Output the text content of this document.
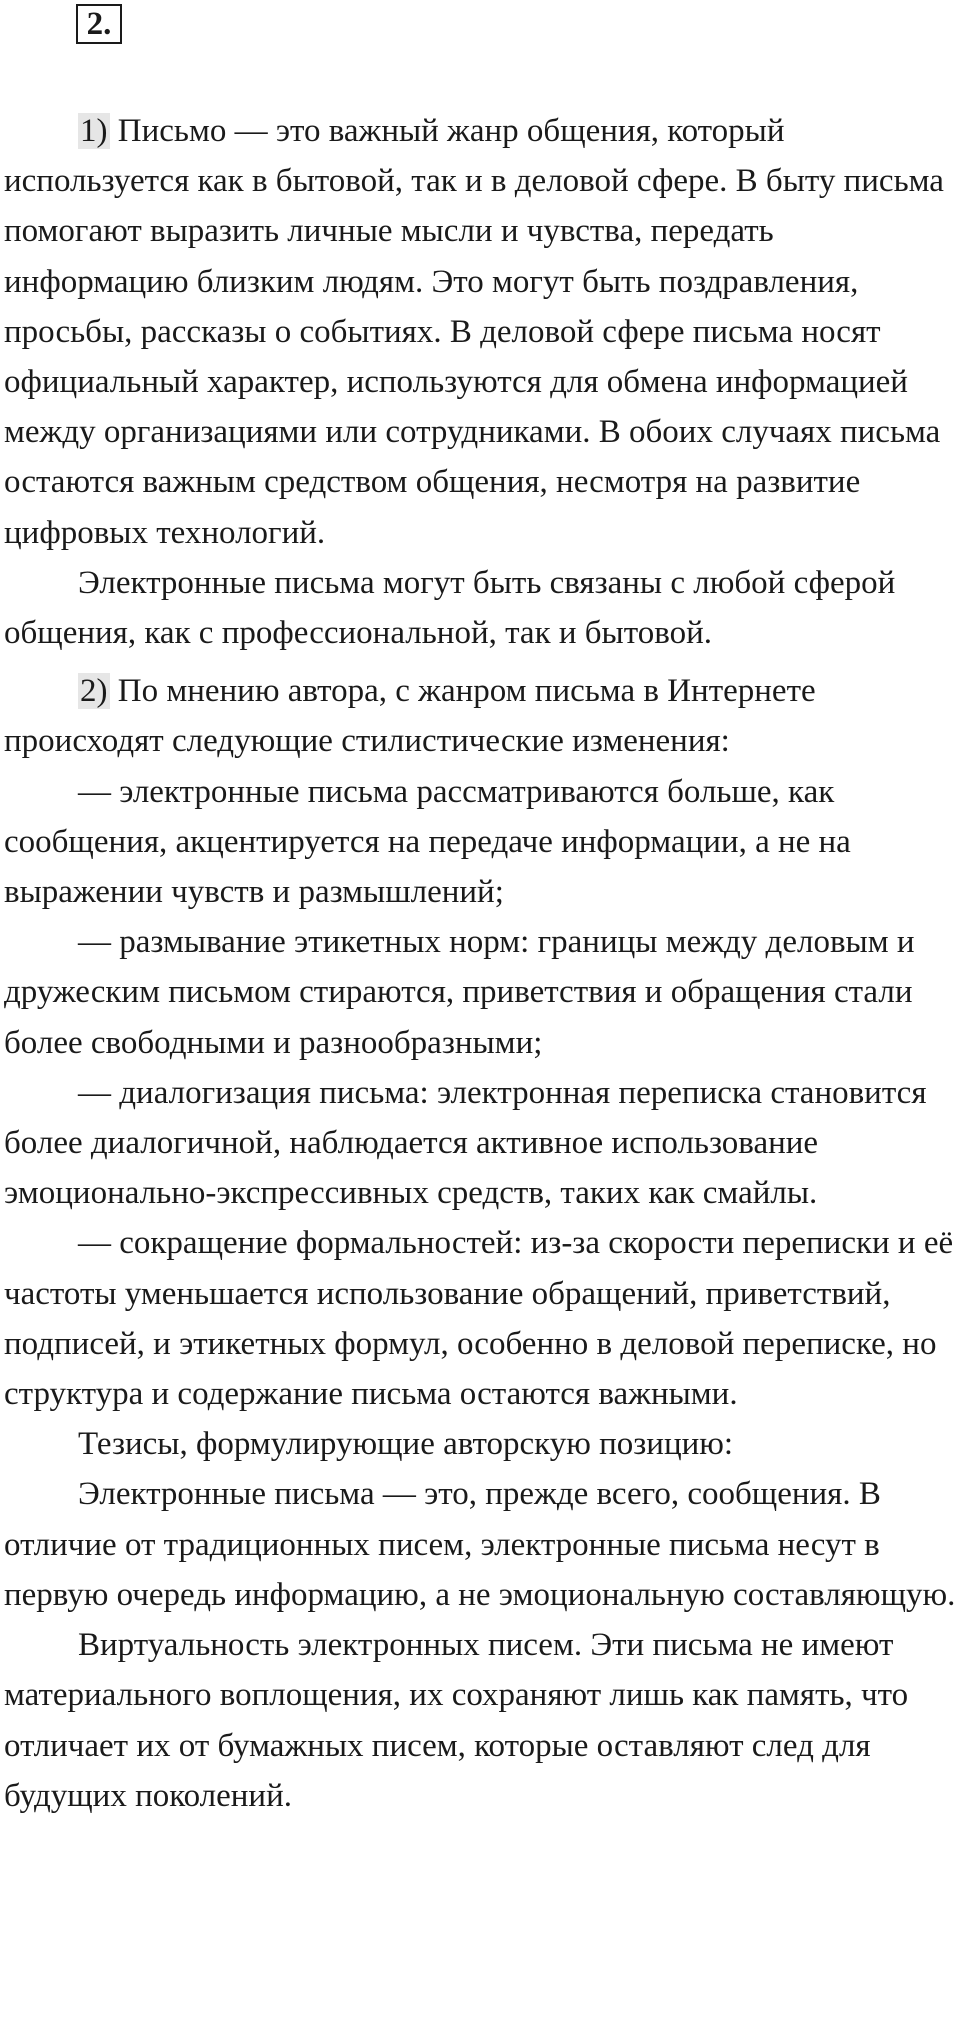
2.

1) Письмо — это важный жанр общения, который используется как в бытовой, так и в деловой сфере. В быту письма помогают выразить личные мысли и чувства, передать информацию близким людям. Это могут быть поздравления, просьбы, рассказы о событиях. В деловой сфере письма носят официальный характер, используются для обмена информацией между организациями или сотрудниками. В обоих случаях письма остаются важным средством общения, несмотря на развитие цифровых технологий.

Электронные письма могут быть связаны с любой сферой общения, как с профессиональной, так и бытовой.

2) По мнению автора, с жанром письма в Интернете происходят следующие стилистические изменения:

— электронные письма рассматриваются больше, как сообщения, акцентируется на передаче информации, а не на выражении чувств и размышлений;

— размывание этикетных норм: границы между деловым и дружеским письмом стираются, приветствия и обращения стали более свободными и разнообразными;

— диалогизация письма: электронная переписка становится более диалогичной, наблюдается активное использование эмоционально-экспрессивных средств, таких как смайлы.

— сокращение формальностей: из-за скорости переписки и её частоты уменьшается использование обращений, приветствий, подписей, и этикетных формул, особенно в деловой переписке, но структура и содержание письма остаются важными.

Тезисы, формулирующие авторскую позицию:

Электронные письма — это, прежде всего, сообщения. В отличие от традиционных писем, электронные письма несут в первую очередь информацию, а не эмоциональную составляющую.

Виртуальность электронных писем. Эти письма не имеют материального воплощения, их сохраняют лишь как память, что отличает их от бумажных писем, которые оставляют след для будущих поколений.
